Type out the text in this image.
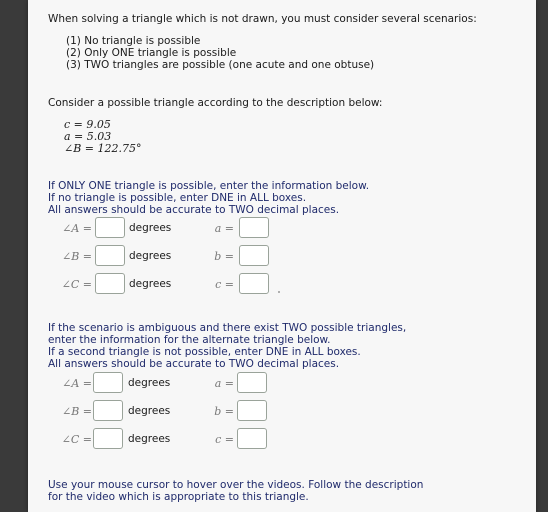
When solving a triangle which is not drawn, you must consider several scenarios:
(1) No triangle is possible
(2) Only ONE triangle is possible
(3) TWO triangles are possible (one acute and one obtuse)
Consider a possible triangle according to the description below:
c = 9.05
a = 5.03
∠B = 122.75°
If ONLY ONE triangle is possible, enter the information below.
If no triangle is possible, enter DNE in ALL boxes.
All answers should be accurate to TWO decimal places.
∠A =	degrees	a =
∠B =	degrees	b =
∠C =	degrees	c =
If the scenario is ambiguous and there exist TWO possible triangles,
enter the information for the alternate triangle below.
If a second triangle is not possible, enter DNE in ALL boxes.
All answers should be accurate to TWO decimal places.
∠A =	degrees	a =
∠B =	degrees	b =
∠C =	degrees	c =
Use your mouse cursor to hover over the videos. Follow the description
for the video which is appropriate to this triangle.
